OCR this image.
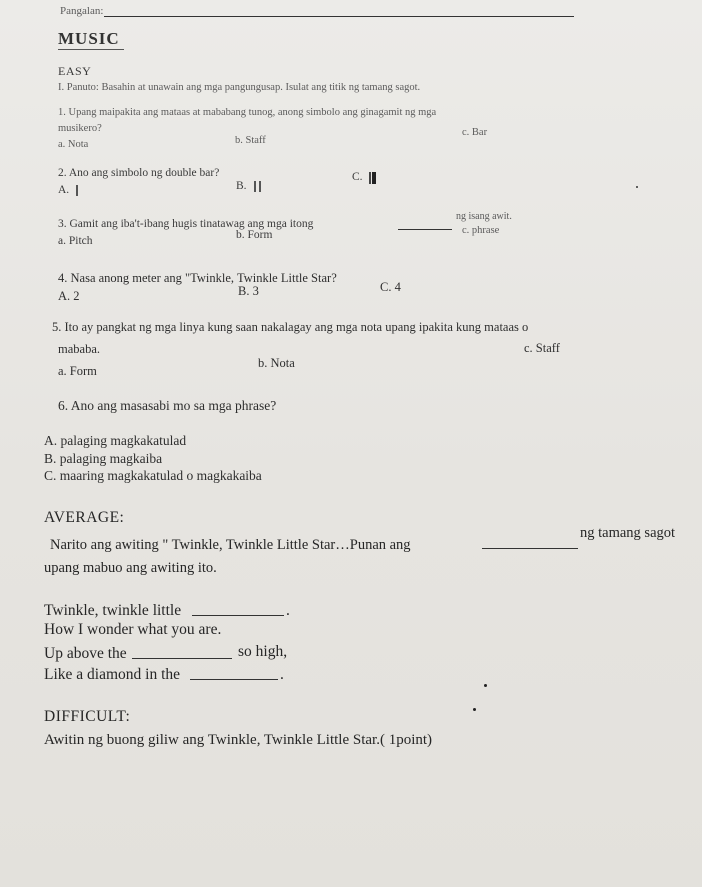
Pangalan:
MUSIC
EASY
I. Panuto: Basahin at unawain ang mga pangungusap. Isulat ang titik ng tamang sagot.
1. Upang maipakita ang mataas at mababang tunog, anong simbolo ang ginagamit ng mga
musikero?
a. Nota	b. Staff
c. Bar
2. Ano ang simbolo ng double bar?
A.	B.
C.
3. Gamit ang iba't-ibang hugis tinatawag ang mga itong
ng isang awit.
a. Pitch	b. Form	c. phrase
4. Nasa anong meter ang "Twinkle, Twinkle Little Star?
A. 2	B. 3	C. 4
5. Ito ay pangkat ng mga linya kung saan nakalagay ang mga nota upang ipakita kung mataas o
mababa.
a. Form
b. Nota
c. Staff
6. Ano ang masasabi mo sa mga phrase?
A. palaging magkakatulad
B. palaging magkaiba
C. maaring magkakatulad o magkakaiba
AVERAGE:
Narito ang awiting " Twinkle, Twinkle Little Star…Punan ang
ng tamang sagot
upang mabuo ang awiting ito.
Twinkle, twinkle little	.
How I wonder what you are.
Up above the	so high,
Like a diamond in the	.
DIFFICULT:
Awitin ng buong giliw ang Twinkle, Twinkle Little Star.( 1point)
